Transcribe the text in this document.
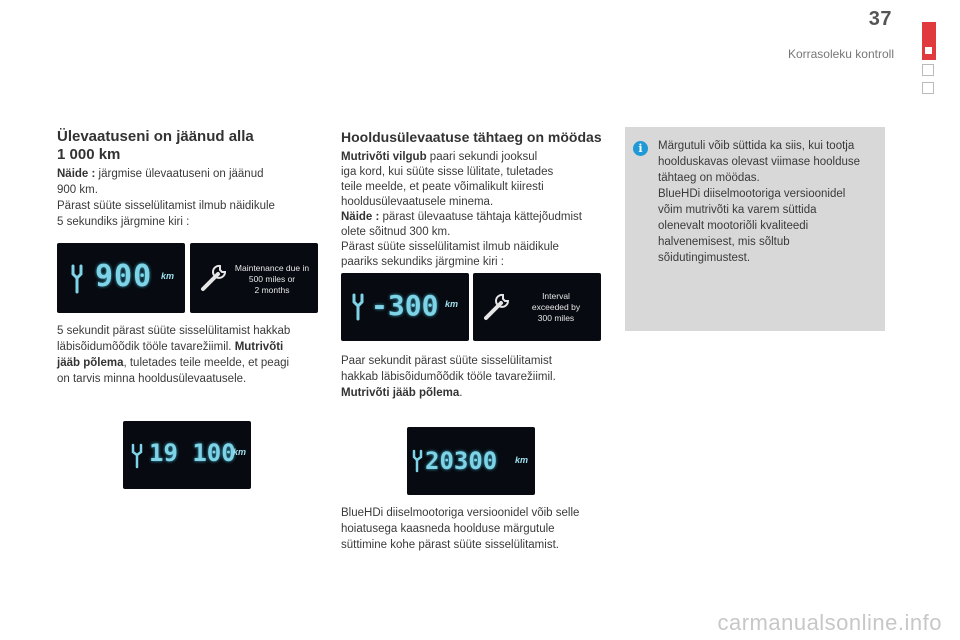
37
Korrasoleku kontroll
Ülevaatuseni on jäänud alla
1 000 km
Näide : järgmise ülevaatuseni on jäänud
900 km.
Pärast süüte sisselülitamist ilmub näidikule
5 sekundiks järgmine kiri :
900 km
Maintenance due in
500 miles or
2 months
5 sekundit pärast süüte sisselülitamist hakkab
läbisõidumõõdik tööle tavarežiimil. Mutrivõti
jääb põlema, tuletades teile meelde, et peagi
on tarvis minna hooldusülevaatusele.
19 100
km
Hooldusülevaatuse tähtaeg on möödas
Mutrivõti vilgub paari sekundi jooksul
iga kord, kui süüte sisse lülitate, tuletades
teile meelde, et peate võimalikult kiiresti
hooldusülevaatusele minema.
Näide : pärast ülevaatuse tähtaja kättejõudmist
olete sõitnud 300 km.
Pärast süüte sisselülitamist ilmub näidikule
paariks sekundiks järgmine kiri :
-300 km
Interval
exceeded by
300 miles
Paar sekundit pärast süüte sisselülitamist
hakkab läbisõidumõõdik tööle tavarežiimil.
Mutrivõti jääb põlema.
20300 km
BlueHDi diiselmootoriga versioonidel võib selle
hoiatusega kaasneda hoolduse märgutule
süttimine kohe pärast süüte sisselülitamist.
i	Märgutuli võib süttida ka siis, kui tootja
hoolduskavas olevast viimase hoolduse
tähtaeg on möödas.
BlueHDi diiselmootoriga versioonidel
võim mutrivõti ka varem süttida
olenevalt mootoriõli kvaliteedi
halvenemisest, mis sõltub
sõidutingimustest.
carmanualsonline.info
